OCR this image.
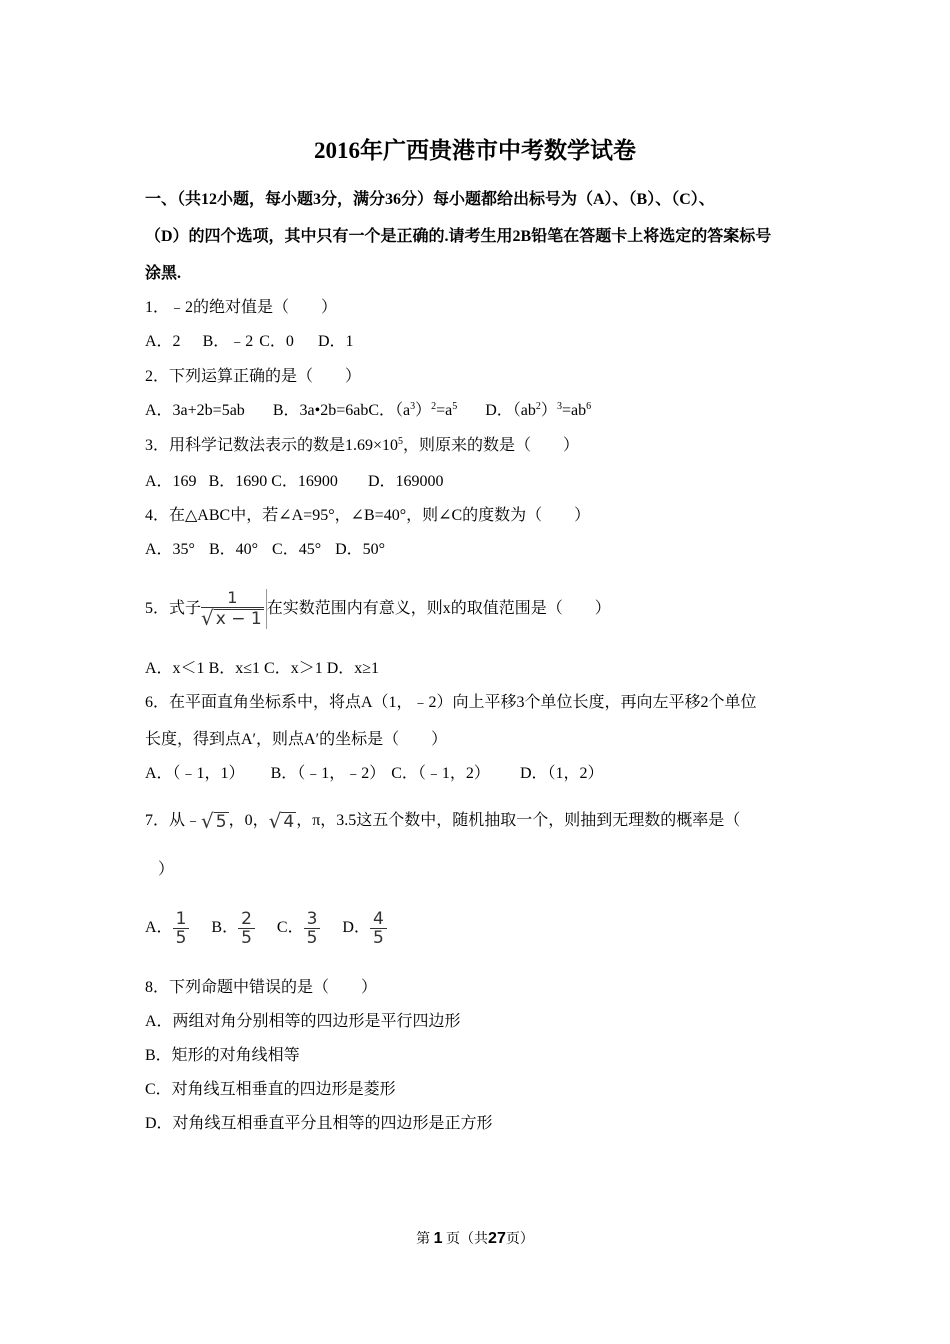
2016年广西贵港市中考数学试卷
一、（共12小题，每小题3分，满分36分）每小题都给出标号为（A）、（B）、（C）、
（D）的四个选项，其中只有一个是正确的.请考生用2B铅笔在答题卡上将选定的答案标号
涂黑.
1．﹣2的绝对值是（　　）
A．2 B．﹣2 C．0 D．1
2．下列运算正确的是（　　）
A．3a+2b=5ab B．3a•2b=6abC．$(a^3)^2=a^5$ D．$(ab^2)^3=ab^6$
3．用科学记数法表示的数是$1.69\times 10^5$，则原来的数是（　　）
A．169 B．1690 C．16900 D．169000
4．在△ABC中，若∠A=95°，∠B=40°，则∠C的度数为（　　）
A．35° B．40° C．45° D．50°
5．式子 $\frac{1}{√ x - 1}$ 在实数范围内有意义，则x的取值范围是（　　）
A．x＜1 B．x≤1 C．x＞1 D．x≥1
6．在平面直角坐标系中，将点A（1，﹣2）向上平移3个单位长度，再向左平移2个单位
长度，得到点A′，则点A′的坐标是（　　）
A．（﹣1，1） B．（﹣1，﹣2） C．（﹣1，2） D．（1，2）
7．从﹣ √ 5 ，0， √ 4 ，π，3.5这五个数中，随机抽取一个，则抽到无理数的概率是（
）
A． $\frac{1}{5}$ B． $\frac{2}{5}$ C． $\frac{3}{5}$ D． $\frac{4}{5}$
8．下列命题中错误的是（　　）
A．两组对角分别相等的四边形是平行四边形
B．矩形的对角线相等
C．对角线互相垂直的四边形是菱形
D．对角线互相垂直平分且相等的四边形是正方形
第 1 页（共27页）
